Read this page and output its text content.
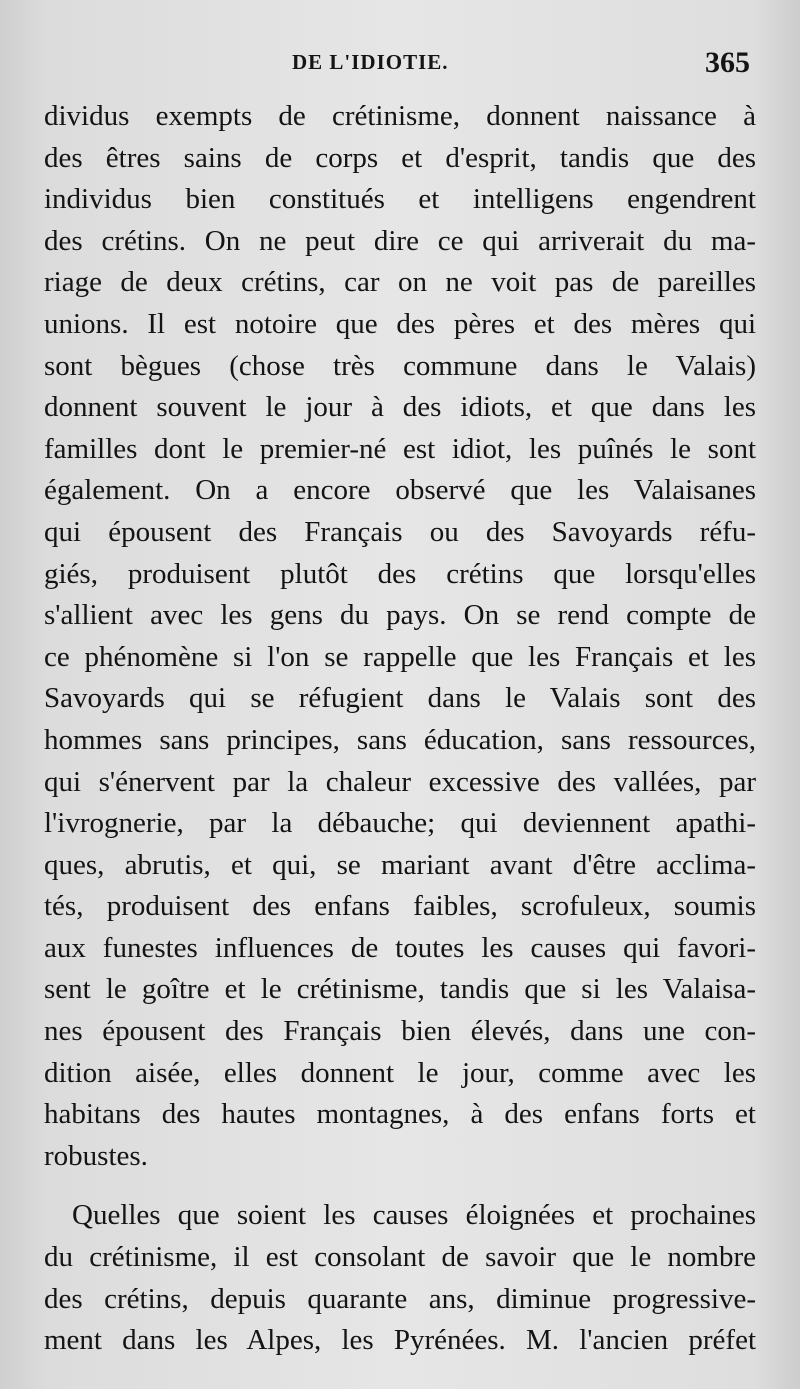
DE L'IDIOTIE.	365
dividus exempts de crétinisme, donnent naissance à
des êtres sains de corps et d'esprit, tandis que des
individus bien constitués et intelligens engendrent
des crétins. On ne peut dire ce qui arriverait du ma-
riage de deux crétins, car on ne voit pas de pareilles
unions. Il est notoire que des pères et des mères qui
sont bègues (chose très commune dans le Valais)
donnent souvent le jour à des idiots, et que dans les
familles dont le premier-né est idiot, les puînés le sont
également. On a encore observé que les Valaisanes
qui épousent des Français ou des Savoyards réfu-
giés, produisent plutôt des crétins que lorsqu'elles
s'allient avec les gens du pays. On se rend compte de
ce phénomène si l'on se rappelle que les Français et les
Savoyards qui se réfugient dans le Valais sont des
hommes sans principes, sans éducation, sans ressources,
qui s'énervent par la chaleur excessive des vallées, par
l'ivrognerie, par la débauche; qui deviennent apathi-
ques, abrutis, et qui, se mariant avant d'être acclima-
tés, produisent des enfans faibles, scrofuleux, soumis
aux funestes influences de toutes les causes qui favori-
sent le goître et le crétinisme, tandis que si les Valaisa-
nes épousent des Français bien élevés, dans une con-
dition aisée, elles donnent le jour, comme avec les
habitans des hautes montagnes, à des enfans forts et
robustes.
Quelles que soient les causes éloignées et prochaines
du crétinisme, il est consolant de savoir que le nombre
des crétins, depuis quarante ans, diminue progressive-
ment dans les Alpes, les Pyrénées. M. l'ancien préfet
